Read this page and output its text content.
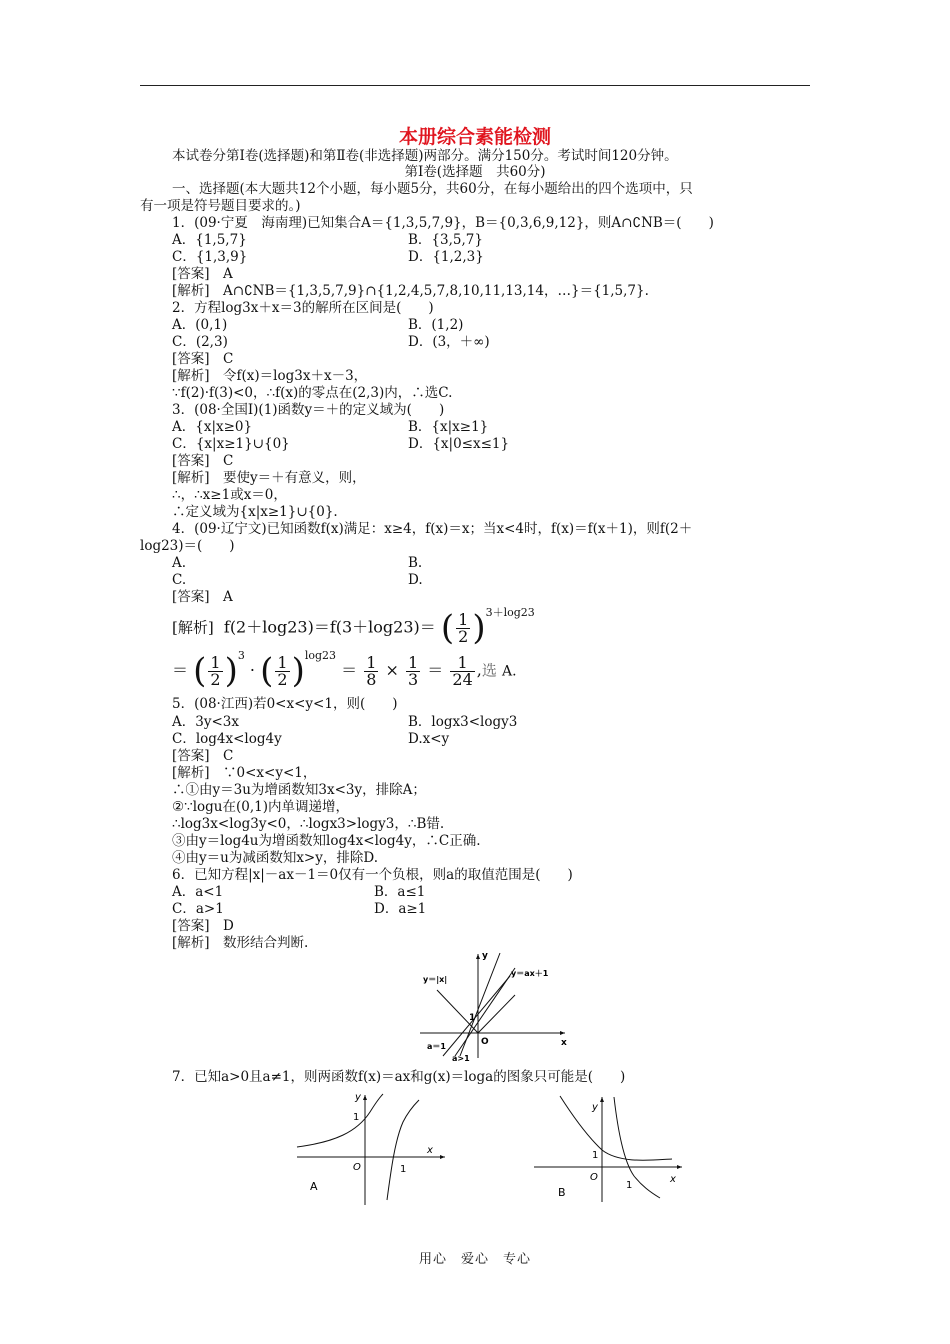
本册综合素能检测
本试卷分第Ⅰ卷(选择题)和第Ⅱ卷(非选择题)两部分。满分150分。考试时间120分钟。
第Ⅰ卷(选择题　共60分)
一、选择题(本大题共12个小题，每小题5分，共60分，在每小题给出的四个选项中，只
有一项是符号题目要求的。)
1．(09·宁夏　海南理)已知集合A＝{1,3,5,7,9}，B＝{0,3,6,9,12}，则A∩∁NB＝(　　)
A．{1,5,7}	B．{3,5,7}
C．{1,3,9}	D．{1,2,3}
[答案]　A
[解析]　A∩∁NB＝{1,3,5,7,9}∩{1,2,4,5,7,8,10,11,13,14，…}＝{1,5,7}.
2．方程log3x＋x＝3的解所在区间是(　　)
A．(0,1)	B．(1,2)
C．(2,3)	D．(3，＋∞)
[答案]　C
[解析]　令f(x)＝log3x＋x－3，
∵f(2)·f(3)<0，∴f(x)的零点在(2,3)内，∴选C.
3．(08·全国Ⅰ)(1)函数y＝＋的定义域为(　　)
A．{x|x≥0}	B．{x|x≥1}
C．{x|x≥1}∪{0}	D．{x|0≤x≤1}
[答案]　C
[解析]　要使y＝＋有意义，则，
∴，∴x≥1或x＝0，
∴定义域为{x|x≥1}∪{0}.
4．(09·辽宁文)已知函数f(x)满足：x≥4，f(x)＝x；当x<4时，f(x)＝f(x＋1)，则f(2＋
log23)＝(　　)
A.	B.
C.	D.
[答案]　A
[解析] f(2＋log23)＝f(3＋log23)＝ ( $\frac{1}{2} )^{3+log23}$
＝ ( $\frac{1}{2} )^3$ · ( $\frac{1}{2} )^{log23} = \frac{1}{8} \times \frac{1}{3} = \frac{1}{24}$ ,选 A.
5．(08·江西)若0<x<y<1，则(　　)
A．3y<3x	B．logx3<logy3
C．log4x<log4y	D.x<y
[答案]　C
[解析]　∵0<x<y<1，
∴①由y＝3u为增函数知3x<3y，排除A；
②∵logu在(0,1)内单调递增，
∴log3x<log3y<0，∴logx3>logy3，∴B错.
③由y＝log4u为增函数知log4x<log4y，∴C正确.
④由y＝u为减函数知x>y，排除D.
6．已知方程|x|－ax－1＝0仅有一个负根，则a的取值范围是(　　)
A．a<1	B．a≤1
C．a>1	D．a≥1
[答案]　D
[解析]　数形结合判断.
y
x
O
1
y＝|x|
y＝ax＋1
a＝1
a>1
7．已知a>0且a≠1，则两函数f(x)＝ax和g(x)＝loga的图象只可能是(　　)
y
x
O
1
1
A
y
x
O
1
1
B
用心　爱心　专心
